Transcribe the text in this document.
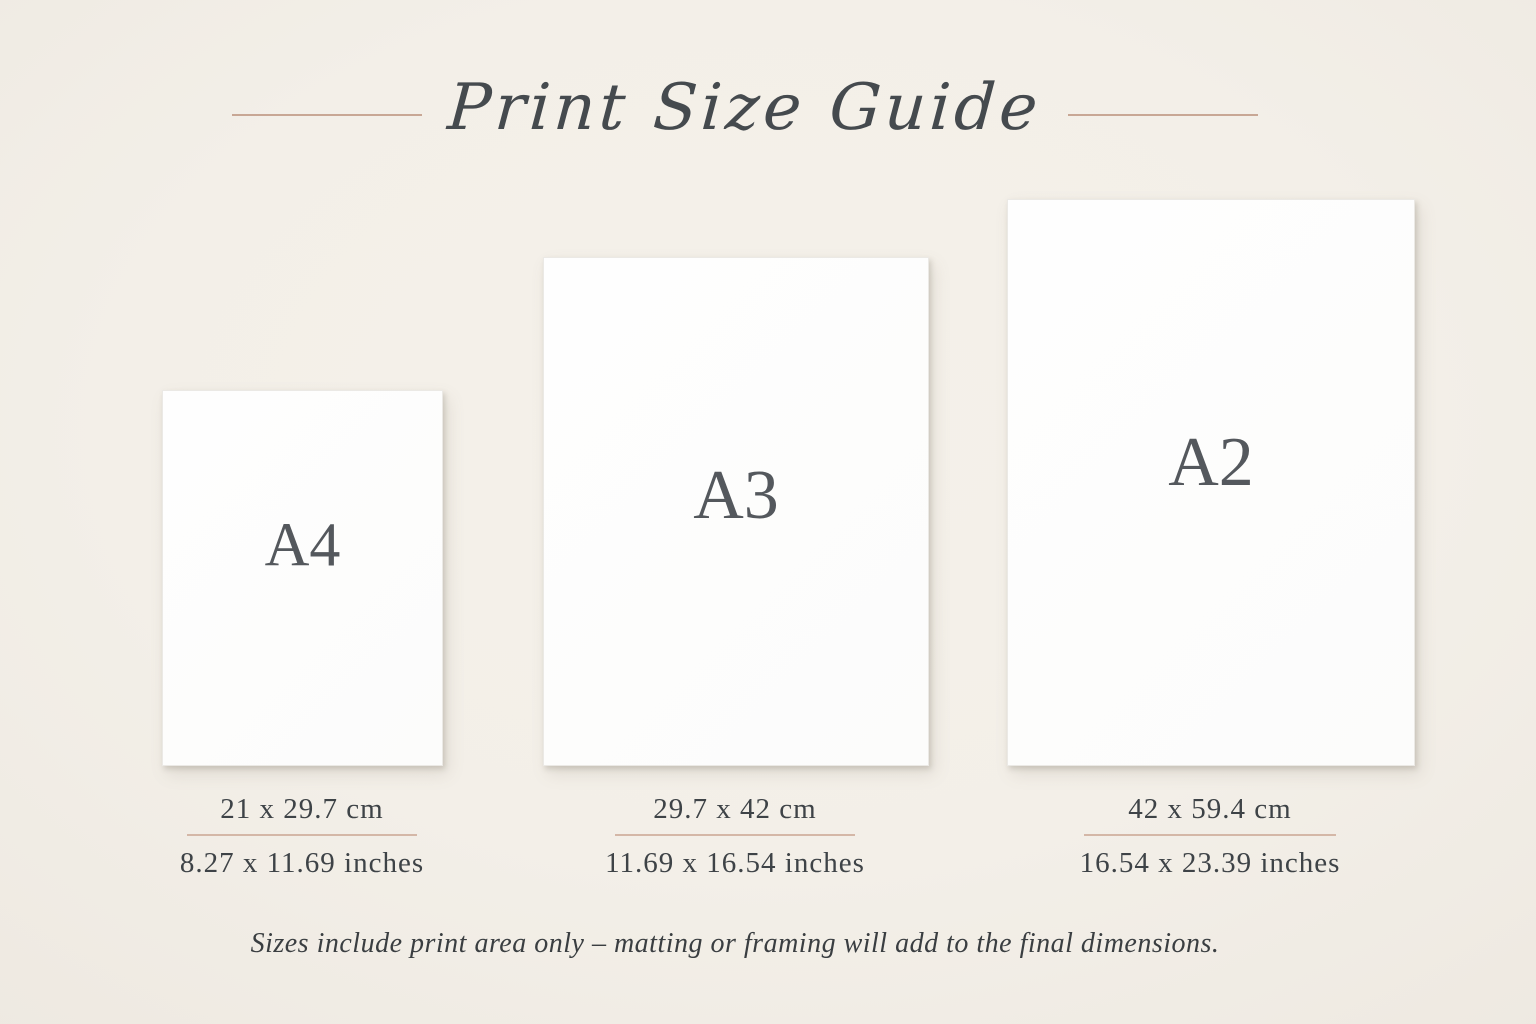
Print Size Guide
A4
A3	A2
21 x 29.7 cm
8.27 x 11.69 inches
29.7 x 42 cm
11.69 x 16.54 inches
42 x 59.4 cm
16.54 x 23.39 inches
Sizes include print area only – matting or framing will add to the final dimensions.
